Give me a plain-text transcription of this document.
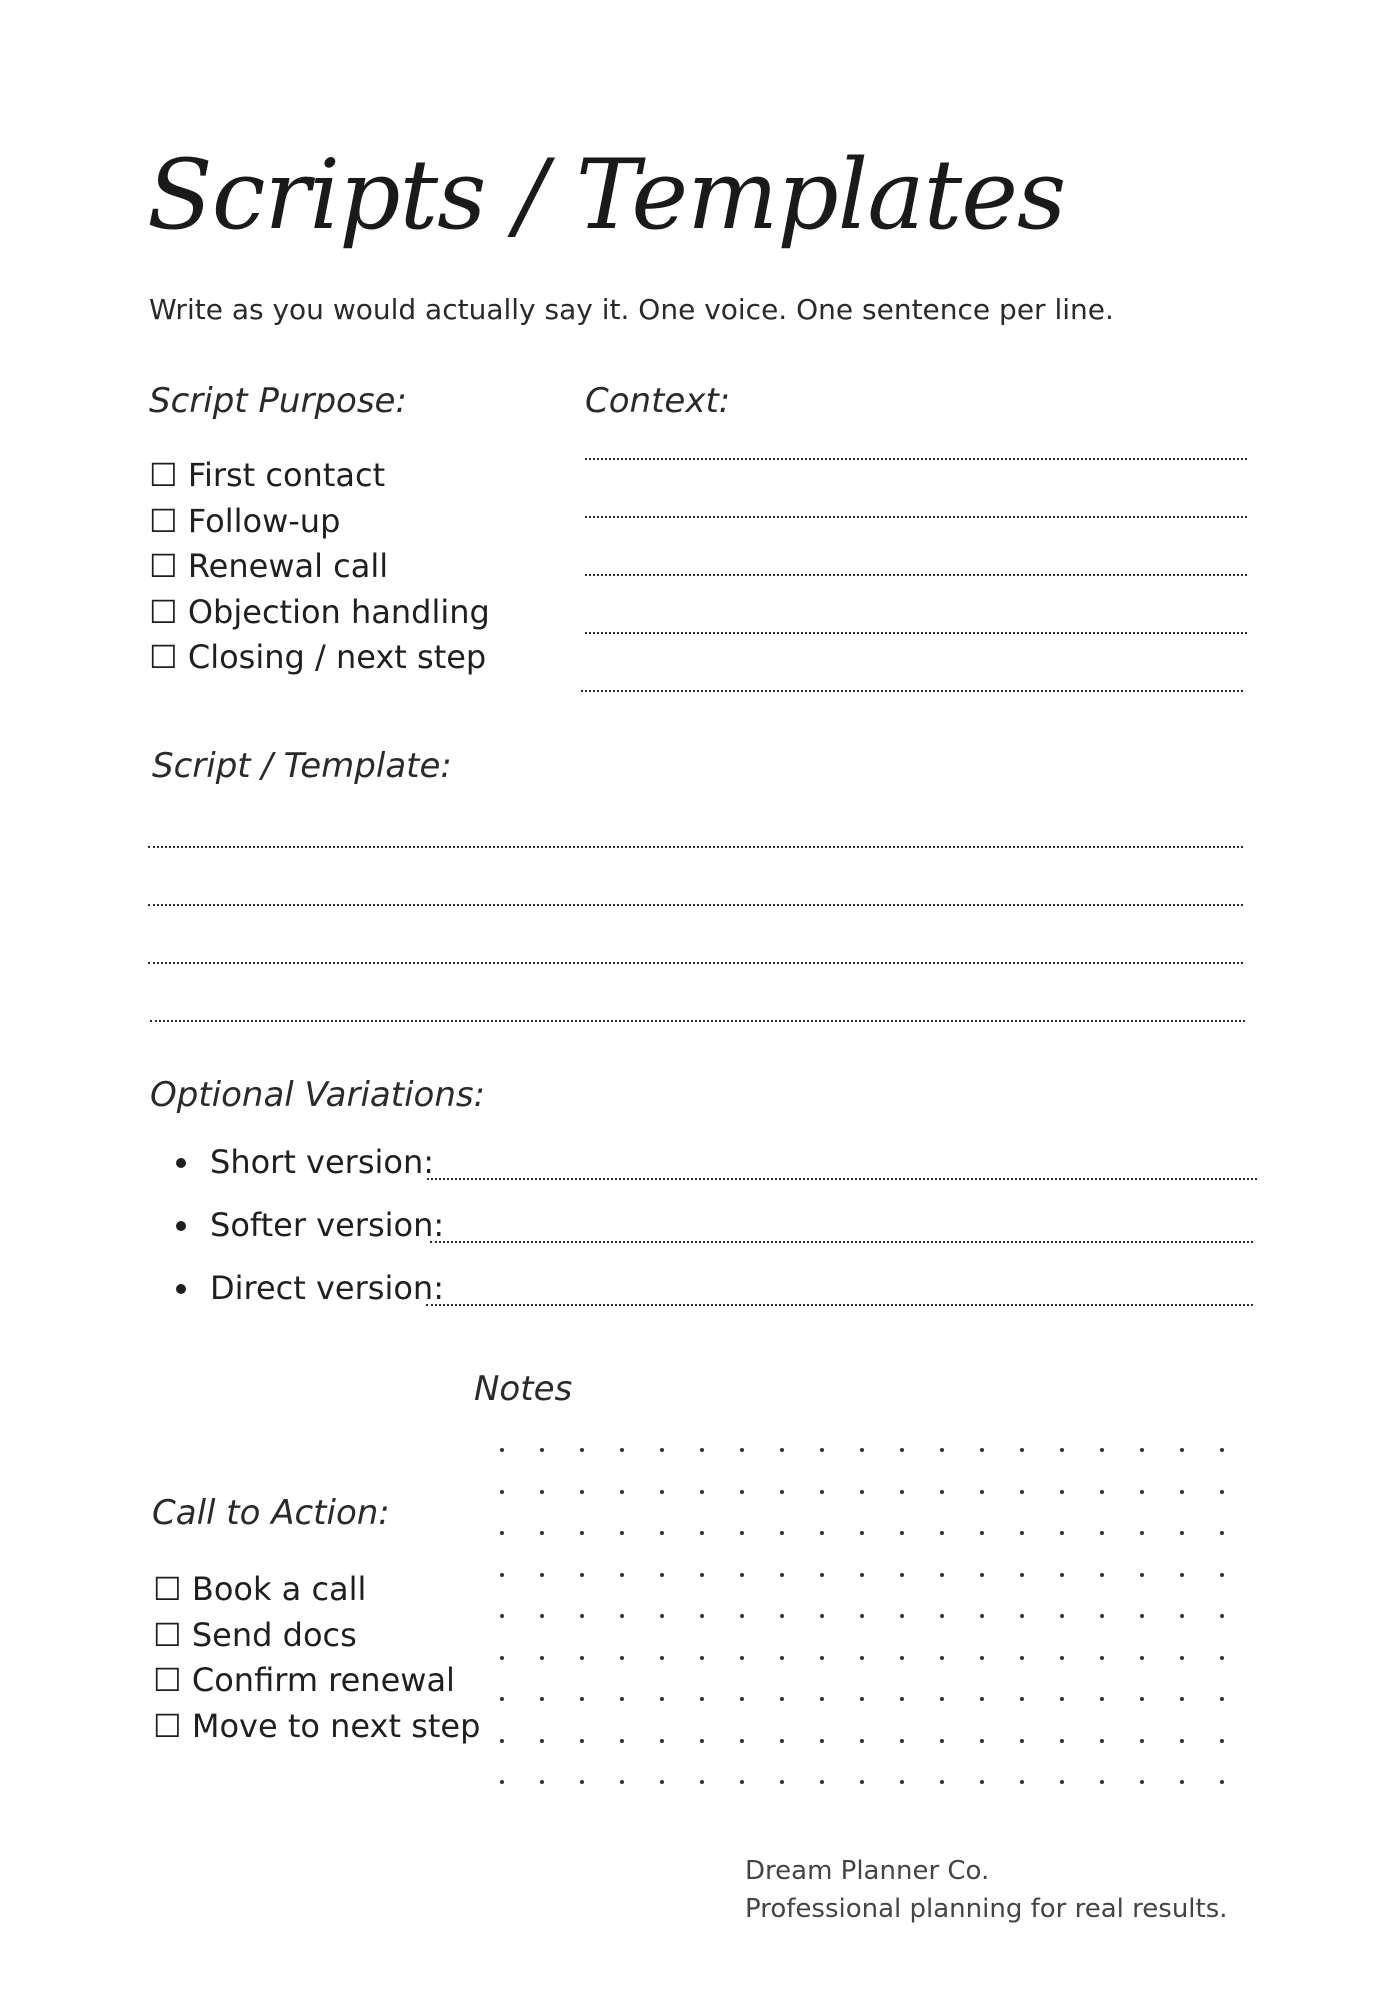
Scripts / Templates
Write as you would actually say it. One voice. One sentence per line.
Script Purpose:
☐ First contact
☐ Follow-up
☐ Renewal call
☐ Objection handling
☐ Closing / next step
Context:
Script / Template:
Optional Variations:
Short version:
Softer version:
Direct version:
Notes
Call to Action:
☐ Book a call
☐ Send docs
☐ Confirm renewal
☐ Move to next step
Dream Planner Co.
Professional planning for real results.
